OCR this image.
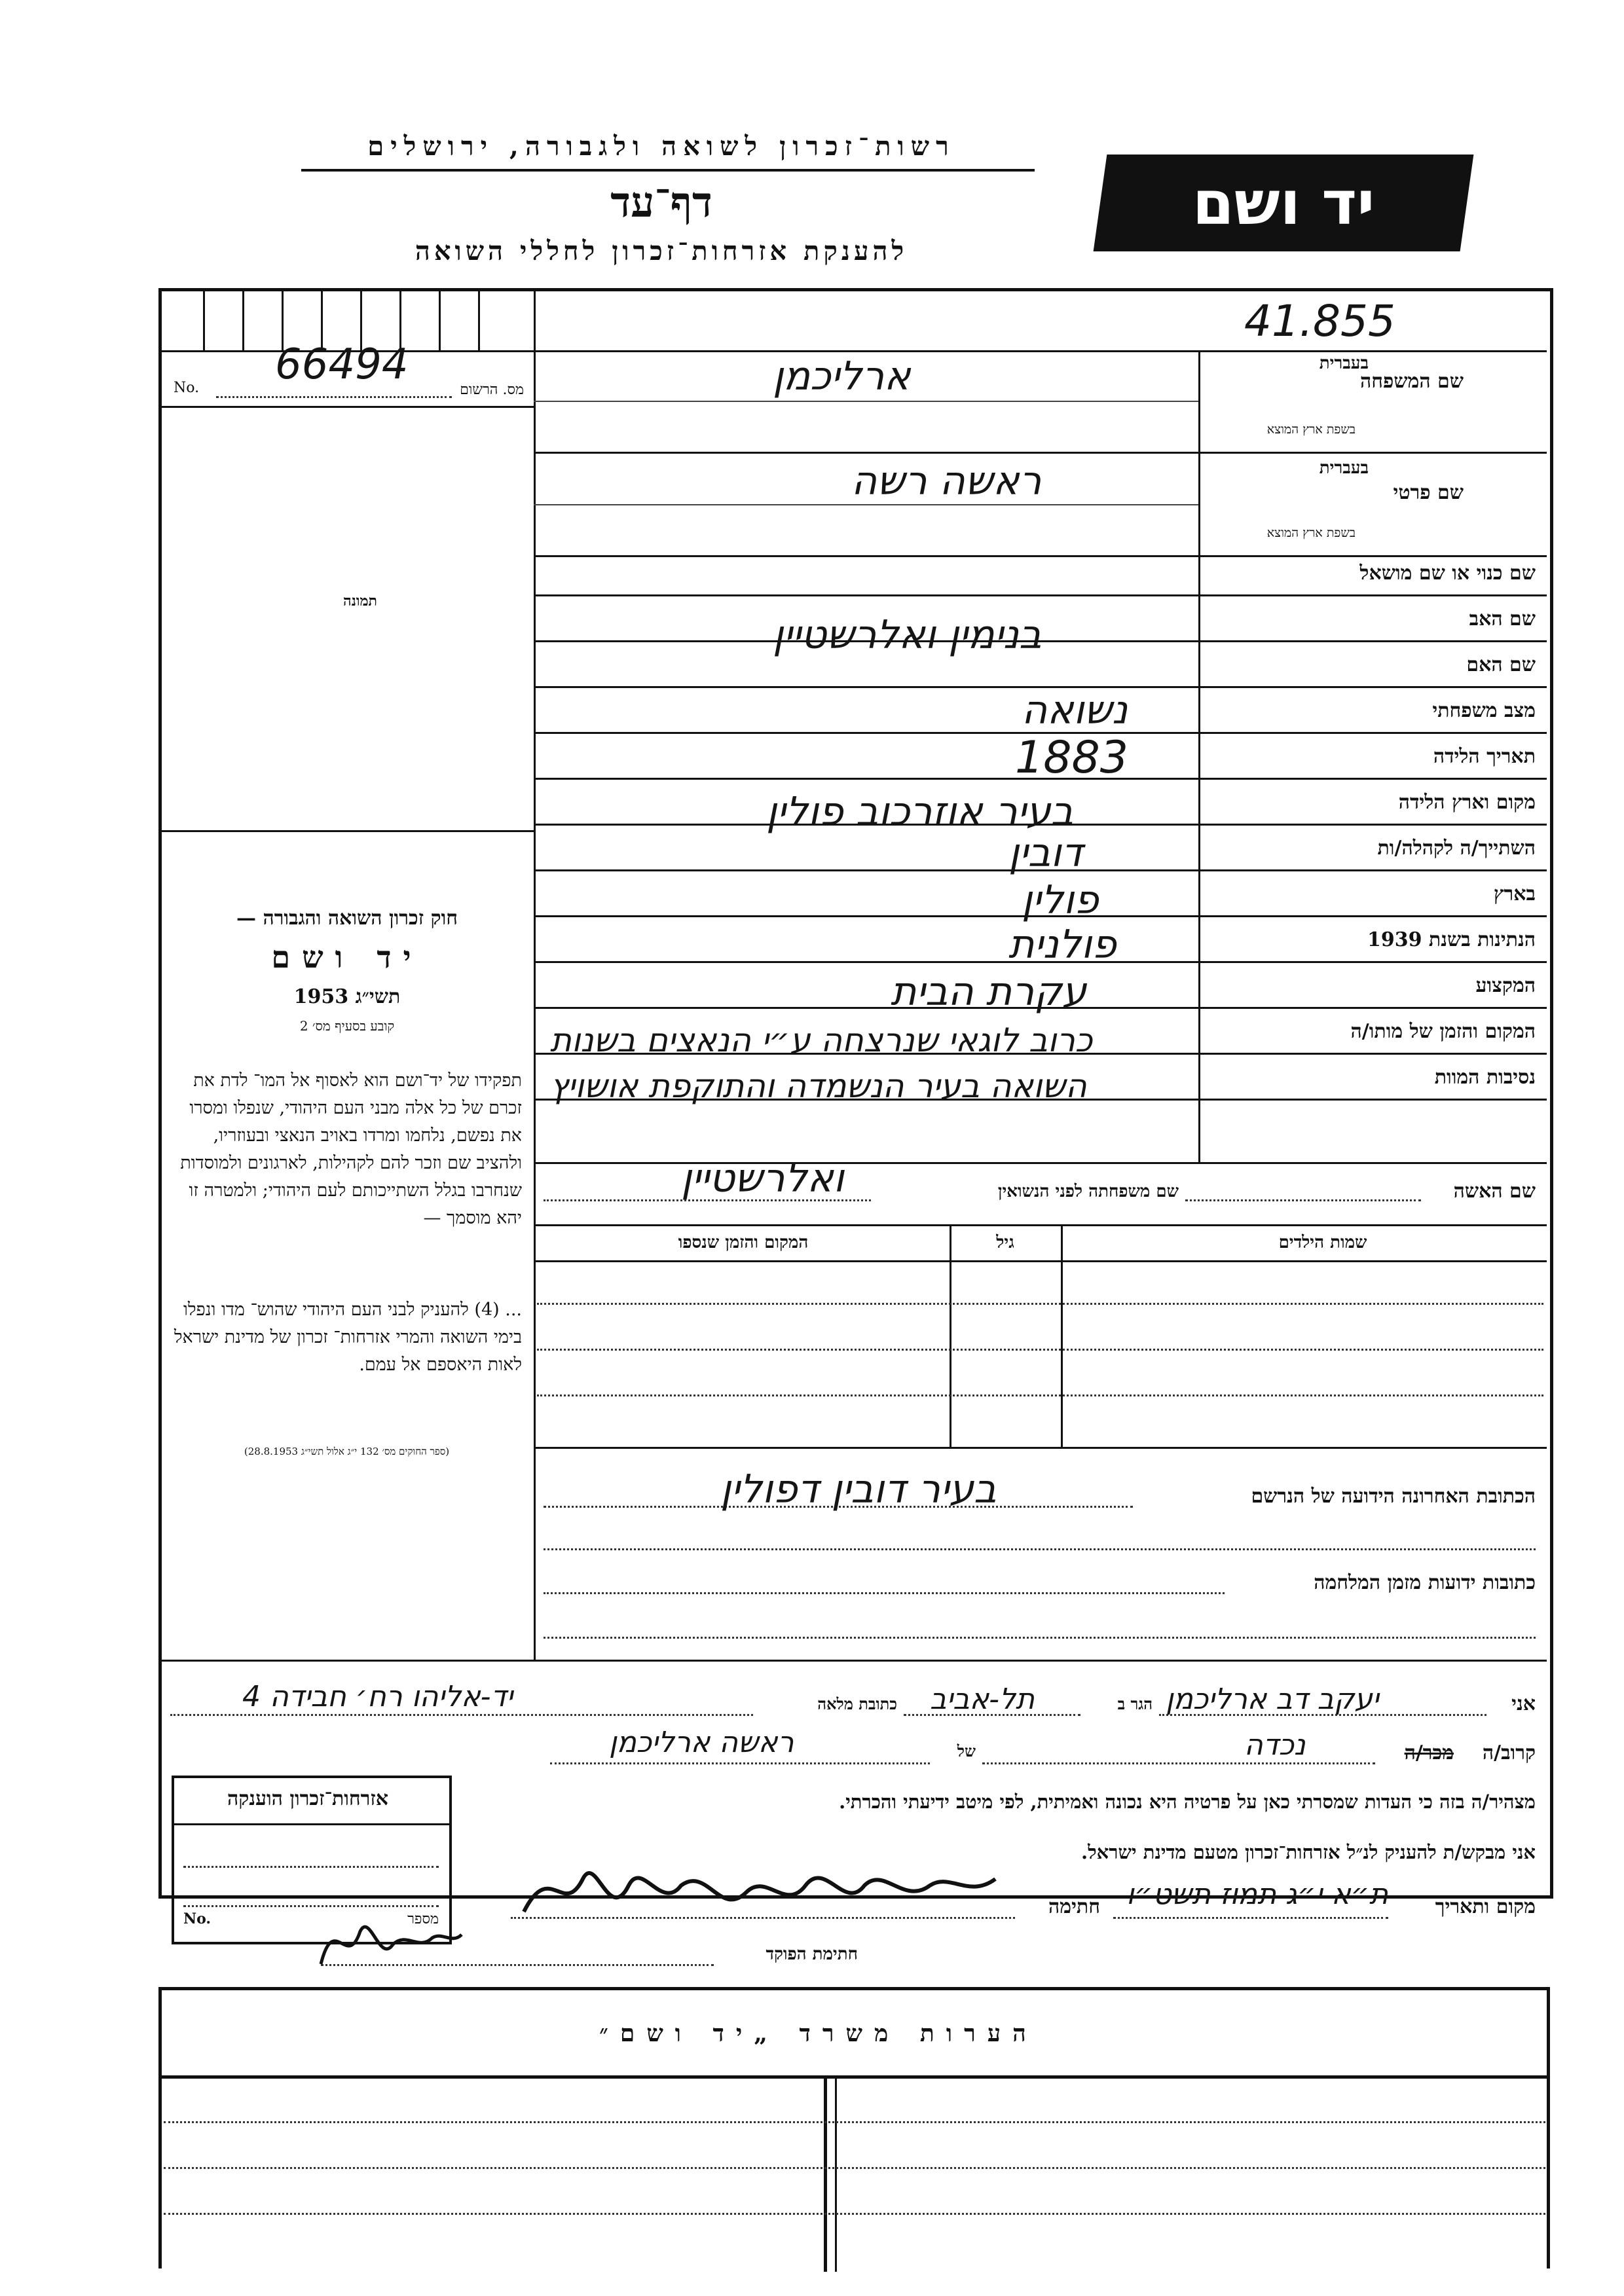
רשות־זכרון לשואה ולגבורה, ירושלים
דף־עד
להענקת אזרחות־זכרון לחללי השואה
יד ושם
מס. הרשום
No. 66494
תמונה
חוק זכרון השואה והגבורה —
יד ושם
תשי״ג 1953
קובע בסעיף מס׳ 2
תפקידו של יד־ושם הוא לאסוף אל המו־ לדת את זכרם של כל אלה מבני העם היהודי, שנפלו ומסרו את נפשם, נלחמו ומרדו באויב הנאצי ובעוזריו, ולהציב שם וזכר להם לקהילות, לארגונים ולמוסדות שנחרבו בגלל השתייכותם לעם היהודי; ולמטרה זו יהא מוסמך —
... (4) להעניק לבני העם היהודי שהוש־ מדו ונפלו בימי השואה והמרי אזרחות־ זכרון של מדינת ישראל לאות היאספם אל עמם.
(ספר החוקים מס׳ 132 י״ג אלול תשי״ג 28.8.1953)
41.855
שם המשפחה
בעברית
בשפת ארץ המוצא
ארליכמן
שם פרטי
בעברית
בשפת ארץ המוצא
ראשה רשה
שם כנוי או שם מושאל
שם האב
בנימין ואלרשטיין
שם האם
מצב משפחתי
נשואה
תאריך הלידה
1883
מקום וארץ הלידה
בעיר אוזרכוב פולין
השתייך/ה לקהלה/ות
דובין
בארץ
פולין
הנתינות בשנת 1939
פולנית
המקצוע
עקרת הבית
המקום והזמן של מותו/ה
כרוב לוגאי שנרצחה ע״י הנאצים בשנות
נסיבות המוות
השואה בעיר הנשמדה והתוקפת אושויץ
שם האשה
שם משפחתה לפני הנשואין
ואלרשטיין
שמות הילדים
גיל
המקום והזמן שנספו
הכתובת האחרונה הידועה של הנרשם
בעיר דובין דפולין
כתובות ידועות מזמן המלחמה
אני
יעקב דב ארליכמן
הגר ב
תל-אביב
כתובת מלאה
יד-אליהו רח׳ חבידה 4
קרוב/ה
מכר/ה
נכדה
של
ראשה ארליכמן
מצהיר/ה בזה כי העדות שמסרתי כאן על פרטיה היא נכונה ואמיתית, לפי מיטב ידיעתי והכרתי.
אני מבקש/ת להעניק לנ״ל אזרחות־זכרון מטעם מדינת ישראל.
מקום ותאריך
ת״א י״ג תמוז תשט״ו
חתימה
חתימת הפוקד
אזרחות־זכרון הוענקה
No.	מספר
הערות משרד „יד ושם״
